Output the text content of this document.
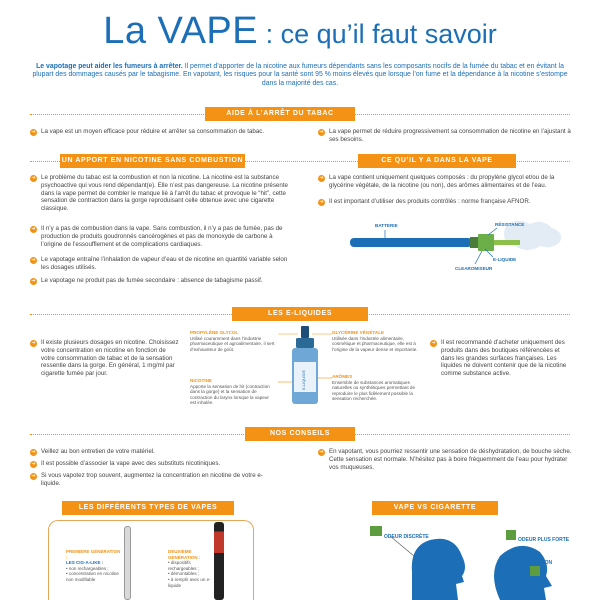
La VAPE : ce qu’il faut savoir
Le vapotage peut aider les fumeurs à arrêter. Il permet d’apporter de la nicotine aux fumeurs dépendants sans les composants nocifs de la fumée du tabac et en évitant la plupart des dommages causés par le tabagisme. En vapotant, les risques pour la santé sont 95 % moins élevés que lorsque l’on fume et la dépendance à la nicotine s’estompe dans la majorité des cas.
AIDE À L’ARRÊT DU TABAC
➜ La vape est un moyen efficace pour réduire et arrêter sa consommation de tabac.	➜ La vape permet de réduire progressivement sa consommation de nicotine en l’ajustant à ses besoins.
UN APPORT EN NICOTINE SANS COMBUSTION	CE QU’IL Y A DANS LA VAPE
➜ Le problème du tabac est la combustion et non la nicotine. La nicotine est la substance psychoactive qui vous rend dépendant(e). Elle n’est pas dangereuse. La nicotine présente dans la vape permet de combler le manque lié à l’arrêt du tabac et provoque le “hit”, cette sensation de contraction dans la gorge reproduisant celle obtenue avec une cigarette classique.
➜ Il n’y a pas de combustion dans la vape. Sans combustion, il n’y a pas de fumée, pas de production de produits goudronnés cancérogènes et pas de monoxyde de carbone à l’origine de l’essoufflement et de complications cardiaques.
➜ Le vapotage entraîne l’inhalation de vapeur d’eau et de nicotine en quantité variable selon les dosages utilisés.
➜ Le vapotage ne produit pas de fumée secondaire : absence de tabagisme passif.
➜ La vape contient uniquement quelques composés : du propylène glycol et/ou de la glycérine végétale, de la nicotine (ou non), des arômes alimentaires et de l’eau.
➜ Il est important d’utiliser des produits contrôlés : norme française AFNOR.
BATTERIE	RÉSISTANCE
E-LIQUIDE
CLEAROMISEUR
LES E-LIQUIDES
➜ Il existe plusieurs dosages en nicotine. Choisissez votre concentration en nicotine en fonction de votre consommation de tabac et de la sensation ressentie dans la gorge. En général, 1 mg/ml par cigarette fumée par jour.
➜ Il est recommandé d’acheter uniquement des produits dans des boutiques référencées et dans les grandes surfaces françaises. Les liquides ne doivent contenir que de la nicotine comme substance active.
PROPYLÈNE GLYCOL
Utilisé couramment dans l’industrie pharmaceutique et agroalimentaire, il sert d’exhausteur de goût.
GLYCÉRINE VÉGÉTALE
Utilisée dans l’industrie alimentaire, cosmétique et pharmaceutique, elle est à l’origine de la vapeur dense et importante.
NICOTINE
Apporte la sensation de hit (contraction dans la gorge) et la sensation de contraction du larynx lorsque la vapeur est inhalée.
ARÔMES
Ensemble de substances aromatiques naturelles ou synthétiques permettant de reproduire le plus fidèlement possible la sensation recherchée.
E-LIQUIDE
NOS CONSEILS
➜ Veillez au bon entretien de votre matériel.
➜ Il est possible d’associer la vape avec des substituts nicotiniques.
➜ Si vous vapotez trop souvent, augmentez la concentration en nicotine de votre e-liquide.
➜ En vapotant, vous pourriez ressentir une sensation de déshydratation, de bouche sèche. Cette sensation est normale. N’hésitez pas à boire fréquemment de l’eau pour hydrater vos muqueuses.
LES DIFFÉRENTS TYPES DE VAPES	VAPE VS CIGARETTE
PREMIÈRE GÉNÉRATION :
LES CIG-A-LIKE :
• non rechargeables ;
• concentration en nicotine non modifiable
DEUXIÈME GÉNÉRATION :
• dispositifs rechargeables ;
• démontables ;
• à remplir avec un e-liquide
ODEUR DISCRÈTE	ODEUR PLUS FORTE
COMBUSTION
